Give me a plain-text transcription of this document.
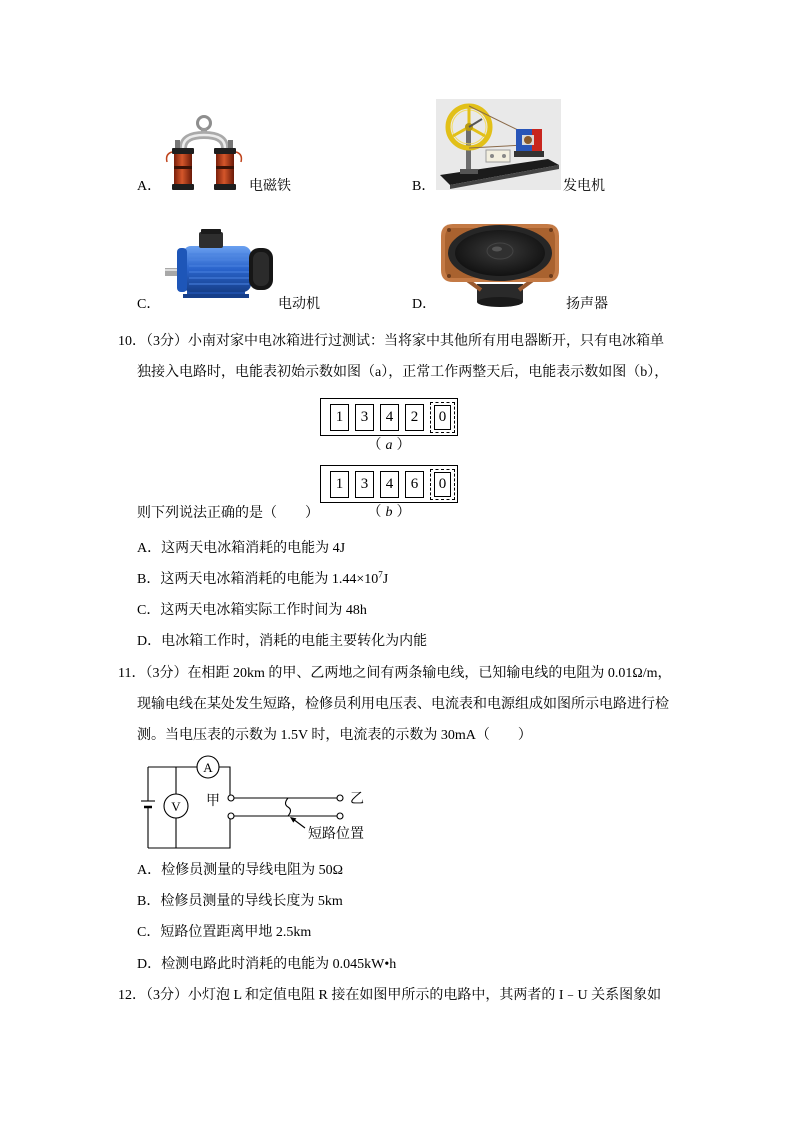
A．	电磁铁	B．	发电机
C．	电动机	D．	扬声器
10．（3分）小南对家中电冰箱进行过测试：当将家中其他所有用电器断开，只有电冰箱单
独接入电路时，电能表初始示数如图（a），正常工作两整天后，电能表示数如图（b），
1	3	4	2	0
（ a ）
1	3	4	6	0
（ b ）
则下列说法正确的是（　　）
A．这两天电冰箱消耗的电能为 4J
B．这两天电冰箱消耗的电能为 $1.44\times 10^7J$
C．这两天电冰箱实际工作时间为 48h
D．电冰箱工作时，消耗的电能主要转化为内能
11．（3分）在相距 20km 的甲、乙两地之间有两条输电线，已知输电线的电阻为 0.01Ω/m，
现输电线在某处发生短路，检修员利用电压表、电流表和电源组成如图所示电路进行检
测。当电压表的示数为 1.5V 时，电流表的示数为 30mA（　　）
A
V 甲	乙
短路位置
A．检修员测量的导线电阻为 50Ω
B．检修员测量的导线长度为 5km
C．短路位置距离甲地 2.5km
D．检测电路此时消耗的电能为 0.045kW•h
12．（3分）小灯泡 L 和定值电阻 R 接在如图甲所示的电路中，其两者的 I﹣U 关系图象如
